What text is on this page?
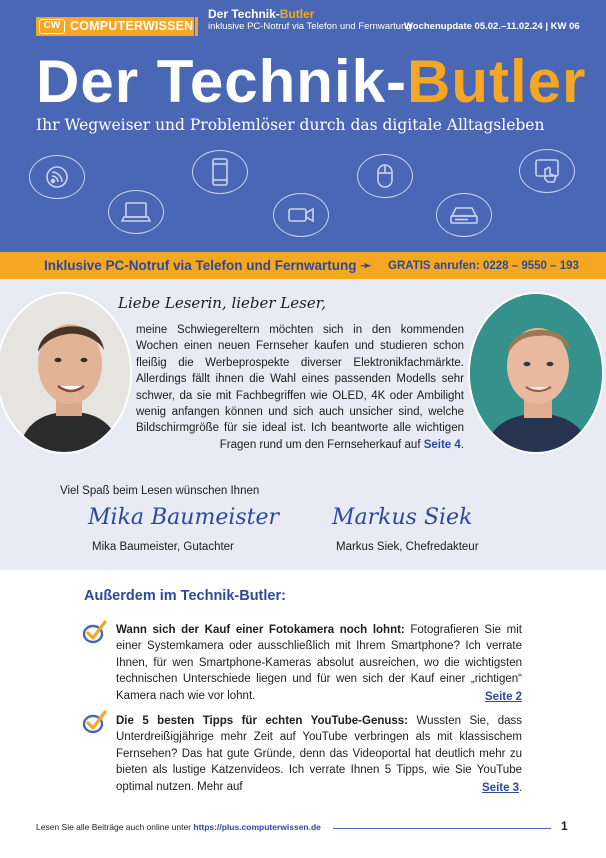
CW COMPUTERWISSEN
Der Technik-Butler
inklusive PC-Notruf via Telefon und Fernwartung
Wochenupdate 05.02.–11.02.24 | KW 06
Der Technik-Butler
Ihr Wegweiser und Problemlöser durch das digitale Alltagsleben
Inklusive PC-Notruf via Telefon und Fernwartung ➛ GRATIS anrufen: 0228 – 9550 – 193
Liebe Leserin, lieber Leser,
meine Schwiegereltern möchten sich in den kommenden Wochen einen neuen Fernseher kaufen und studieren schon fleißig die Werbeprospekte diverser Elektronikfachmärkte. Allerdings fällt ihnen die Wahl eines passenden Modells sehr schwer, da sie mit Fachbegriffen wie OLED, 4K oder Ambilight wenig anfangen können und sich auch unsicher sind, welche Bildschirmgröße für sie ideal ist. Ich beantworte alle wichtigen Fragen rund um den Fernseherkauf auf Seite 4.
Viel Spaß beim Lesen wünschen Ihnen
Mika Baumeister
Mika Baumeister, Gutachter
Markus Siek
Markus Siek, Chefredakteur
Außerdem im Technik-Butler:
Wann sich der Kauf einer Fotokamera noch lohnt: Fotografieren Sie mit einer Systemkamera oder ausschließlich mit Ihrem Smartphone? Ich verrate Ihnen, für wen Smartphone-Kameras absolut ausreichen, wo die wichtigsten technischen Unterschiede liegen und für wen sich der Kauf einer „richtigen“ Kamera nach wie vor lohnt.	Seite 2
Die 5 besten Tipps für echten YouTube-Genuss: Wussten Sie, dass Unterdreißigjährige mehr Zeit auf YouTube verbringen als mit klassischem Fernsehen? Das hat gute Gründe, denn das Videoportal hat deutlich mehr zu bieten als lustige Katzenvideos. Ich verrate Ihnen 5 Tipps, wie Sie YouTube optimal nutzen. Mehr auf	Seite 3.
Lesen Sie alle Beiträge auch online unter https://plus.computerwissen.de	1
